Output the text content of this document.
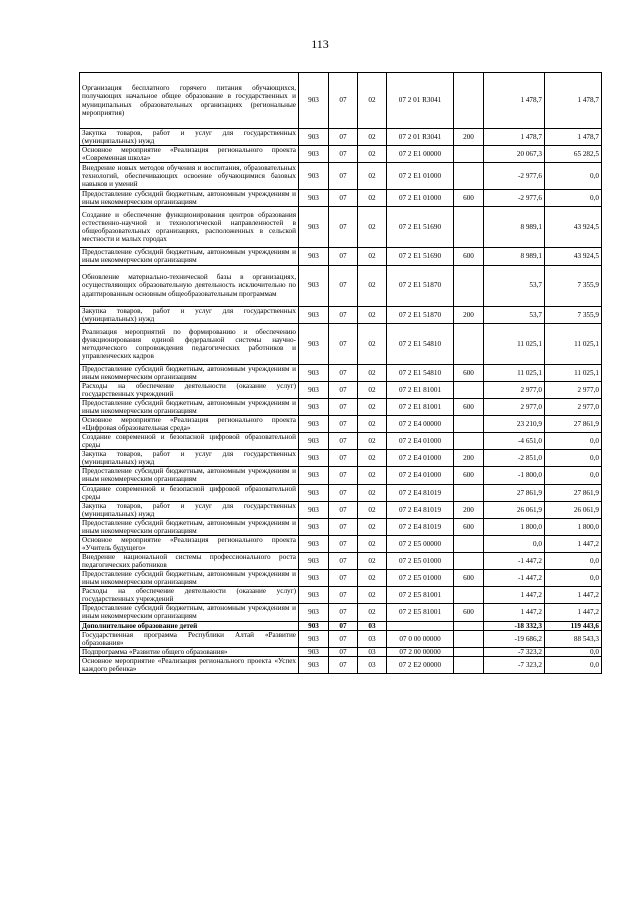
113
Организация бесплатного горячего питания обучающихся, получающих начальное общее образование в государственных и муниципальных образовательных организациях (региональные мероприятия)	903	07	02	07 2 01 R3041		1 478,7	1 478,7
Закупка товаров, работ и услуг для государственных (муниципальных) нужд	903	07	02	07 2 01 R3041	200	1 478,7	1 478,7
Основное мероприятие «Реализация регионального проекта «Современная школа»	903	07	02	07 2 E1 00000		20 067,3	65 282,5
Внедрение новых методов обучения и воспитания, образовательных технологий, обеспечивающих освоение обучающимися базовых навыков и умений	903	07	02	07 2 E1 01000		-2 977,6	0,0
Предоставление субсидий бюджетным, автономным учреждениям и иным некоммерческим организациям	903	07	02	07 2 E1 01000	600	-2 977,6	0,0
Создание и обеспечение функционирования центров образования естественно-научной и технологической направленностей в общеобразовательных организациях, расположенных в сельской местности и малых городах	903	07	02	07 2 E1 51690		8 989,1	43 924,5
Предоставление субсидий бюджетным, автономным учреждениям и иным некоммерческим организациям	903	07	02	07 2 E1 51690	600	8 989,1	43 924,5
Обновление материально-технической базы в организациях, осуществляющих образовательную деятельность исключительно по адаптированным основным общеобразовательным программам	903	07	02	07 2 E1 51870		53,7	7 355,9
Закупка товаров, работ и услуг для государственных (муниципальных) нужд	903	07	02	07 2 E1 51870	200	53,7	7 355,9
Реализация мероприятий по формированию и обеспечению функционирования единой федеральной системы научно-методического сопровождения педагогических работников и управленческих кадров	903	07	02	07 2 E1 54810		11 025,1	11 025,1
Предоставление субсидий бюджетным, автономным учреждениям и иным некоммерческим организациям	903	07	02	07 2 E1 54810	600	11 025,1	11 025,1
Расходы на обеспечение деятельности (оказание услуг) государственных учреждений	903	07	02	07 2 E1 81001		2 977,0	2 977,0
Предоставление субсидий бюджетным, автономным учреждениям и иным некоммерческим организациям	903	07	02	07 2 E1 81001	600	2 977,0	2 977,0
Основное мероприятие «Реализация регионального проекта «Цифровая образовательная среда»	903	07	02	07 2 E4 00000		23 210,9	27 861,9
Создание современной и безопасной цифровой образовательной среды	903	07	02	07 2 E4 01000		-4 651,0	0,0
Закупка товаров, работ и услуг для государственных (муниципальных) нужд	903	07	02	07 2 E4 01000	200	-2 851,0	0,0
Предоставление субсидий бюджетным, автономным учреждениям и иным некоммерческим организациям	903	07	02	07 2 E4 01000	600	-1 800,0	0,0
Создание современной и безопасной цифровой образовательной среды	903	07	02	07 2 E4 81019		27 861,9	27 861,9
Закупка товаров, работ и услуг для государственных (муниципальных) нужд	903	07	02	07 2 E4 81019	200	26 061,9	26 061,9
Предоставление субсидий бюджетным, автономным учреждениям и иным некоммерческим организациям	903	07	02	07 2 E4 81019	600	1 800,0	1 800,0
Основное мероприятие «Реализация регионального проекта «Учитель будущего»	903	07	02	07 2 E5 00000		0,0	1 447,2
Внедрение национальной системы профессионального роста педагогических работников	903	07	02	07 2 E5 01000		-1 447,2	0,0
Предоставление субсидий бюджетным, автономным учреждениям и иным некоммерческим организациям	903	07	02	07 2 E5 01000	600	-1 447,2	0,0
Расходы на обеспечение деятельности (оказание услуг) государственных учреждений	903	07	02	07 2 E5 81001		1 447,2	1 447,2
Предоставление субсидий бюджетным, автономным учреждениям и иным некоммерческим организациям	903	07	02	07 2 E5 81001	600	1 447,2	1 447,2
Дополнительное образование детей	903	07	03			-18 332,3	119 443,6
Государственная программа Республики Алтай «Развитие образования»	903	07	03	07 0 00 00000		-19 686,2	88 543,3
Подпрограмма «Развитие общего образования»	903	07	03	07 2 00 00000		-7 323,2	0,0
Основное мероприятие «Реализация регионального проекта «Успех каждого ребенка»	903	07	03	07 2 E2 00000		-7 323,2	0,0
